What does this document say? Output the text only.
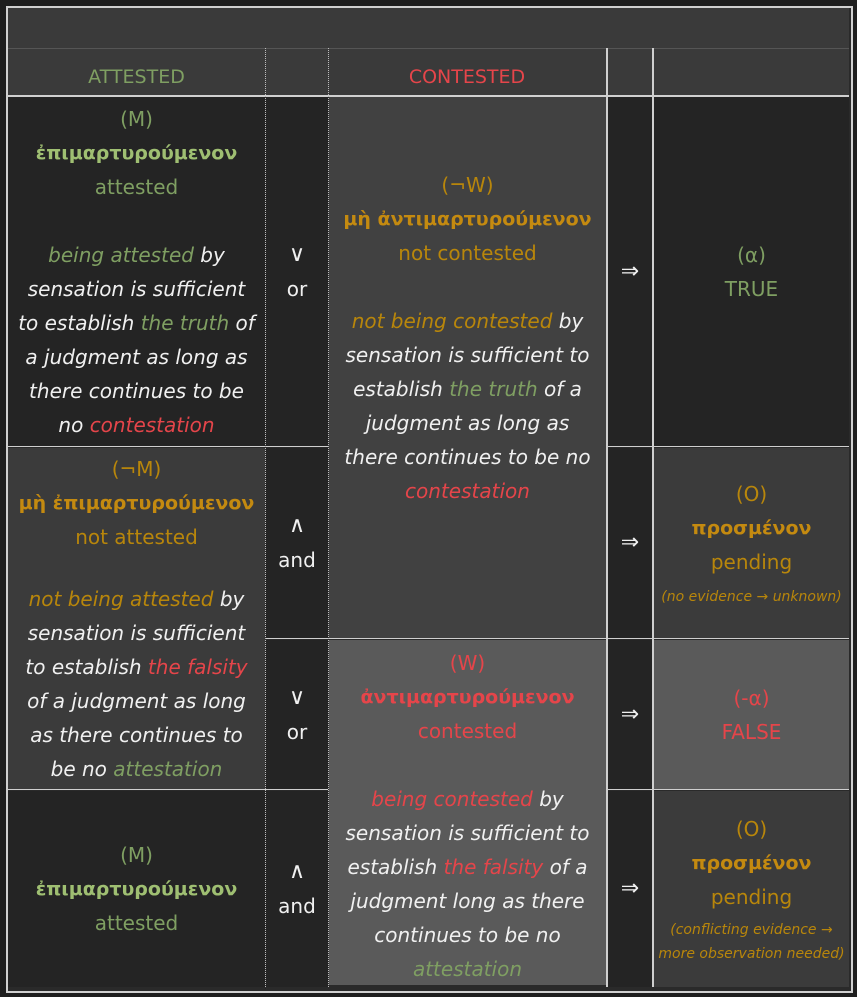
ATTESTED	CONTESTED
(M)
ἐπιμαρτυρούμενον
attested
being attested by sensation is sufficient to establish the truth of a judgment as long as there continues to be no contestation
(¬M)
μὴ ἐπιμαρτυρούμενον
not attested
not being attested by sensation is sufficient to establish the falsity of a judgment as long as there continues to be no attestation
(M)
ἐπιμαρτυρούμενον
attested
∨
or
∧
and
∨
or
∧
and
(¬W)
μὴ ἀντιμαρτυρούμενον
not contested
not being contested by sensation is sufficient to establish the truth of a judgment as long as there continues to be no contestation
(W)
ἀντιμαρτυρούμενον
contested
being contested by sensation is sufficient to establish the falsity of a judgment long as there continues to be no attestation
⇒
⇒
⇒
⇒
(α)
TRUE
(O)
προσμένον
pending
(no evidence → unknown)
(-α)
FALSE
(O)
προσμένον
pending
(conflicting evidence →
more observation needed)
